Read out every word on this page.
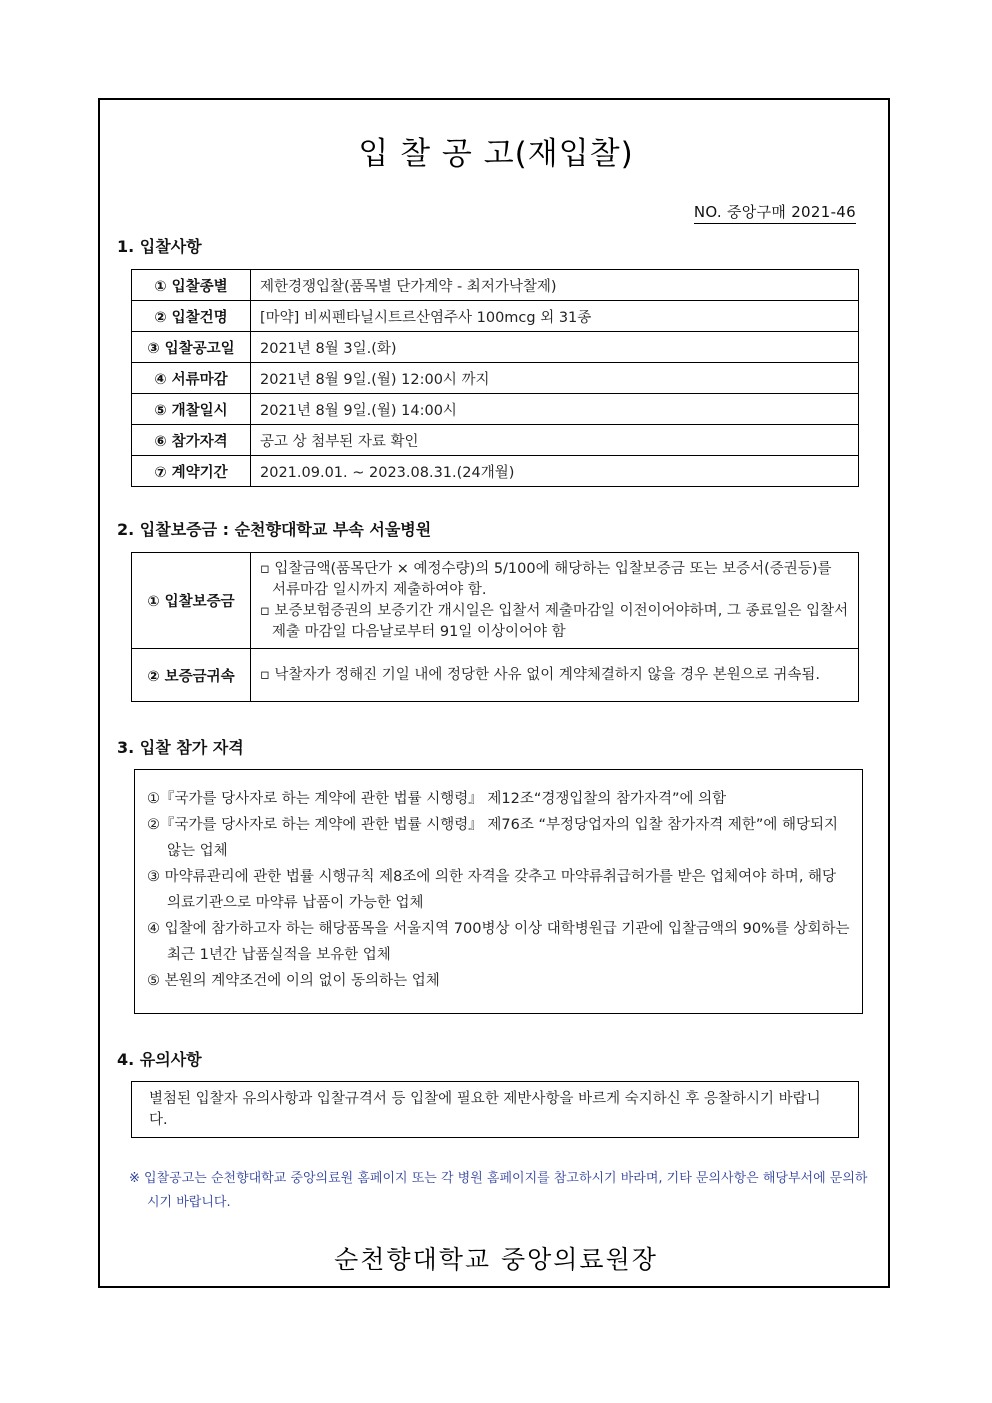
입 찰 공 고(재입찰)
NO. 중앙구매 2021-46
1. 입찰사항
① 입찰종별	제한경쟁입찰(품목별 단가계약 - 최저가낙찰제)
② 입찰건명	[마약] 비씨펜타닐시트르산염주사 100mcg 외 31종
③ 입찰공고일	2021년 8월 3일.(화)
④ 서류마감	2021년 8월 9일.(월) 12:00시 까지
⑤ 개찰일시	2021년 8월 9일.(월) 14:00시
⑥ 참가자격	공고 상 첨부된 자료 확인
⑦ 계약기간	2021.09.01. ~ 2023.08.31.(24개월)
2. 입찰보증금 : 순천향대학교 부속 서울병원
① 입찰보증금	▫ 입찰금액(품목단가 × 예정수량)의 5/100에 해당하는 입찰보증금 또는 보증서(증권등)를 서류마감 일시까지 제출하여야 함.
▫ 보증보험증권의 보증기간 개시일은 입찰서 제출마감일 이전이어야하며, 그 종료일은 입찰서 제출 마감일 다음날로부터 91일 이상이어야 함

② 보증금귀속	▫ 낙찰자가 정해진 기일 내에 정당한 사유 없이 계약체결하지 않을 경우 본원으로 귀속됨.
3. 입찰 참가 자격
①『국가를 당사자로 하는 계약에 관한 법률 시행령』 제12조“경쟁입찰의 참가자격”에 의함
②『국가를 당사자로 하는 계약에 관한 법률 시행령』 제76조 “부정당업자의 입찰 참가자격 제한”에 해당되지 않는 업체
③ 마약류관리에 관한 법률 시행규칙 제8조에 의한 자격을 갖추고 마약류취급허가를 받은 업체여야 하며, 해당 의료기관으로 마약류 납품이 가능한 업체
④ 입찰에 참가하고자 하는 해당품목을 서울지역 700병상 이상 대학병원급 기관에 입찰금액의 90%를 상회하는 최근 1년간 납품실적을 보유한 업체
⑤ 본원의 계약조건에 이의 없이 동의하는 업체
4. 유의사항
별첨된 입찰자 유의사항과 입찰규격서 등 입찰에 필요한 제반사항을 바르게 숙지하신 후 응찰하시기 바랍니다.
※ 입찰공고는 순천향대학교 중앙의료원 홈페이지 또는 각 병원 홈페이지를 참고하시기 바라며, 기타 문의사항은 해당부서에 문의하시기 바랍니다.
순천향대학교 중앙의료원장
